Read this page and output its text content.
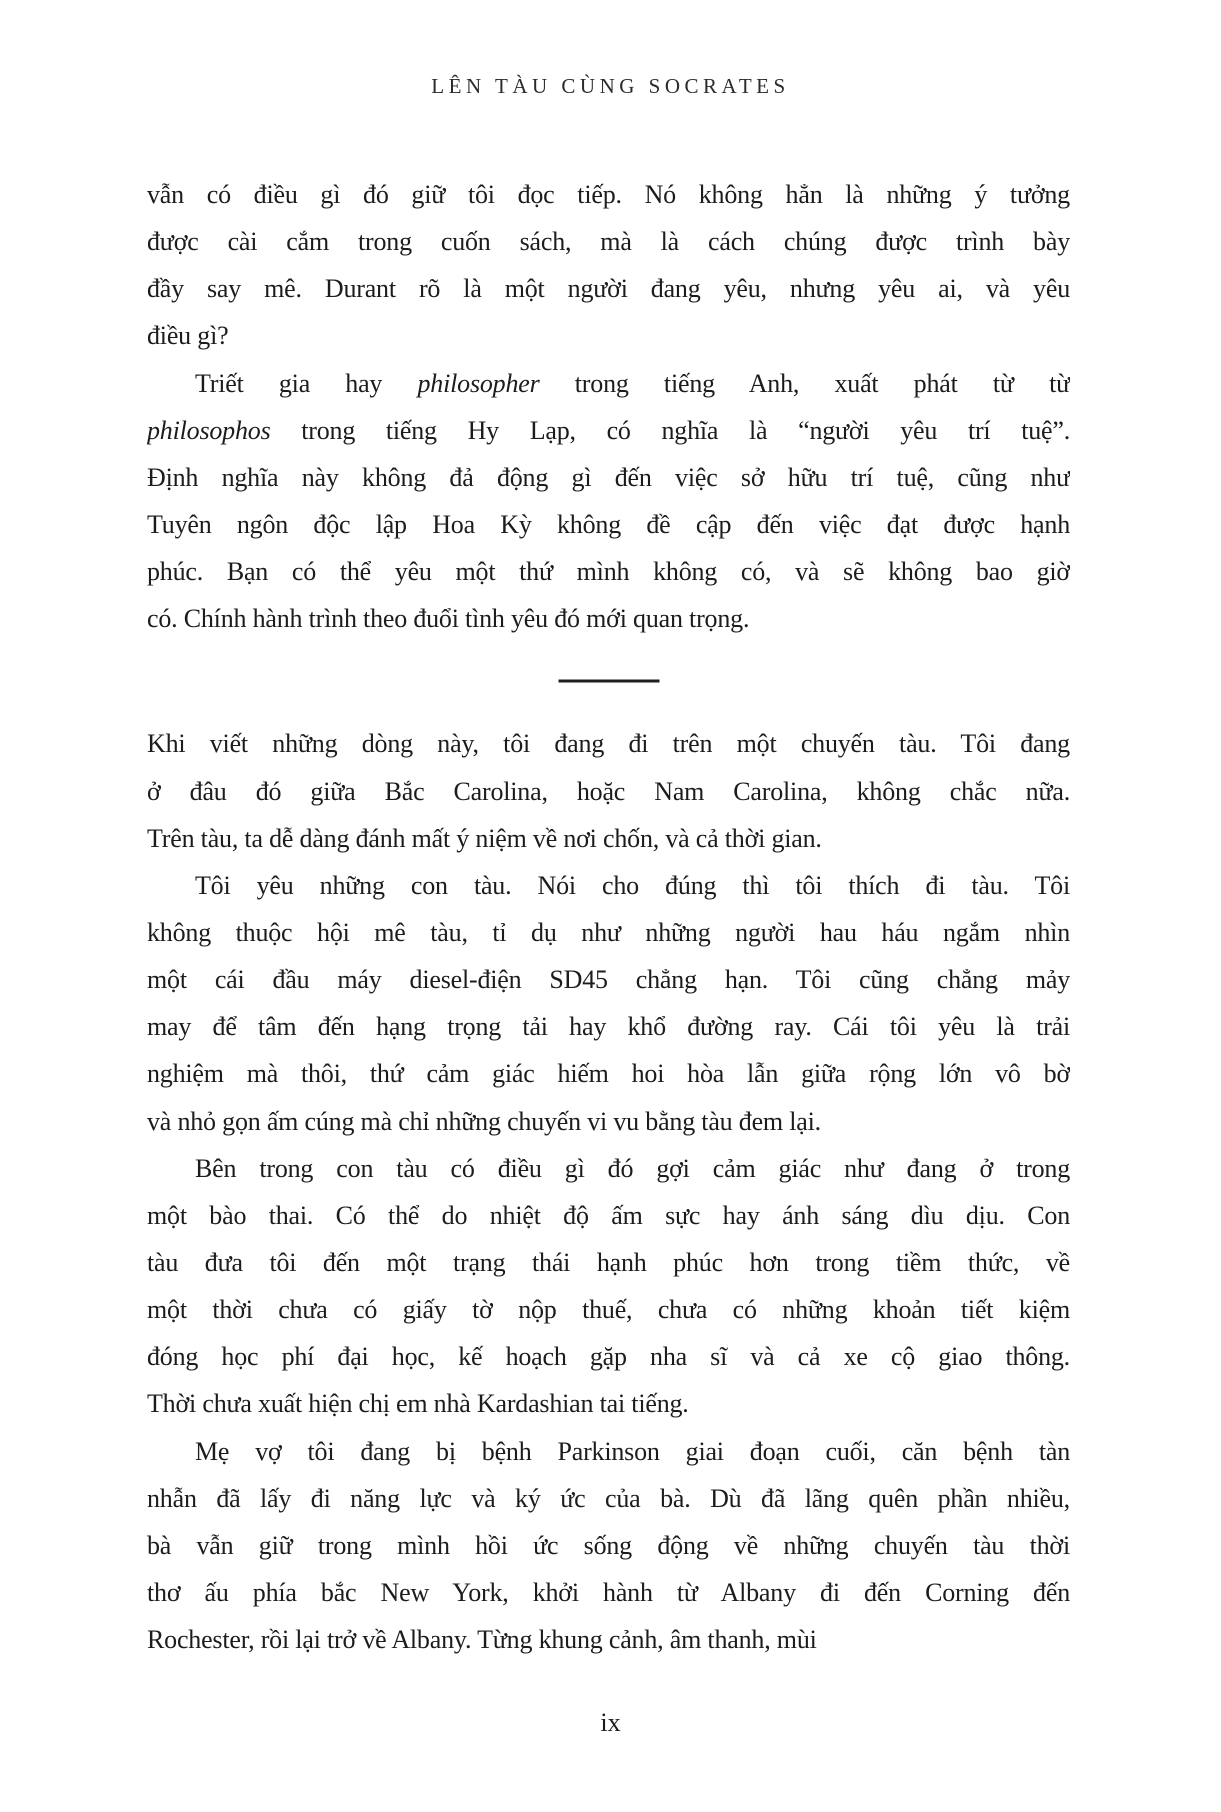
LÊN TÀU CÙNG SOCRATES
vẫn có điều gì đó giữ tôi đọc tiếp. Nó không hẳn là những ý tưởng
được cài cắm trong cuốn sách, mà là cách chúng được trình bày
đầy say mê. Durant rõ là một người đang yêu, nhưng yêu ai, và yêu
điều gì?
Triết gia hay philosopher trong tiếng Anh, xuất phát từ từ
philosophos trong tiếng Hy Lạp, có nghĩa là “người yêu trí tuệ”.
Định nghĩa này không đả động gì đến việc sở hữu trí tuệ, cũng như
Tuyên ngôn độc lập Hoa Kỳ không đề cập đến việc đạt được hạnh
phúc. Bạn có thể yêu một thứ mình không có, và sẽ không bao giờ
có. Chính hành trình theo đuổi tình yêu đó mới quan trọng.
Khi viết những dòng này, tôi đang đi trên một chuyến tàu. Tôi đang
ở đâu đó giữa Bắc Carolina, hoặc Nam Carolina, không chắc nữa.
Trên tàu, ta dễ dàng đánh mất ý niệm về nơi chốn, và cả thời gian.
Tôi yêu những con tàu. Nói cho đúng thì tôi thích đi tàu. Tôi
không thuộc hội mê tàu, tỉ dụ như những người hau háu ngắm nhìn
một cái đầu máy diesel-điện SD45 chẳng hạn. Tôi cũng chẳng mảy
may để tâm đến hạng trọng tải hay khổ đường ray. Cái tôi yêu là trải
nghiệm mà thôi, thứ cảm giác hiếm hoi hòa lẫn giữa rộng lớn vô bờ
và nhỏ gọn ấm cúng mà chỉ những chuyến vi vu bằng tàu đem lại.
Bên trong con tàu có điều gì đó gợi cảm giác như đang ở trong
một bào thai. Có thể do nhiệt độ ấm sực hay ánh sáng dìu dịu. Con
tàu đưa tôi đến một trạng thái hạnh phúc hơn trong tiềm thức, về
một thời chưa có giấy tờ nộp thuế, chưa có những khoản tiết kiệm
đóng học phí đại học, kế hoạch gặp nha sĩ và cả xe cộ giao thông.
Thời chưa xuất hiện chị em nhà Kardashian tai tiếng.
Mẹ vợ tôi đang bị bệnh Parkinson giai đoạn cuối, căn bệnh tàn
nhẫn đã lấy đi năng lực và ký ức của bà. Dù đã lãng quên phần nhiều,
bà vẫn giữ trong mình hồi ức sống động về những chuyến tàu thời
thơ ấu phía bắc New York, khởi hành từ Albany đi đến Corning đến
Rochester, rồi lại trở về Albany. Từng khung cảnh, âm thanh, mùi
ix
